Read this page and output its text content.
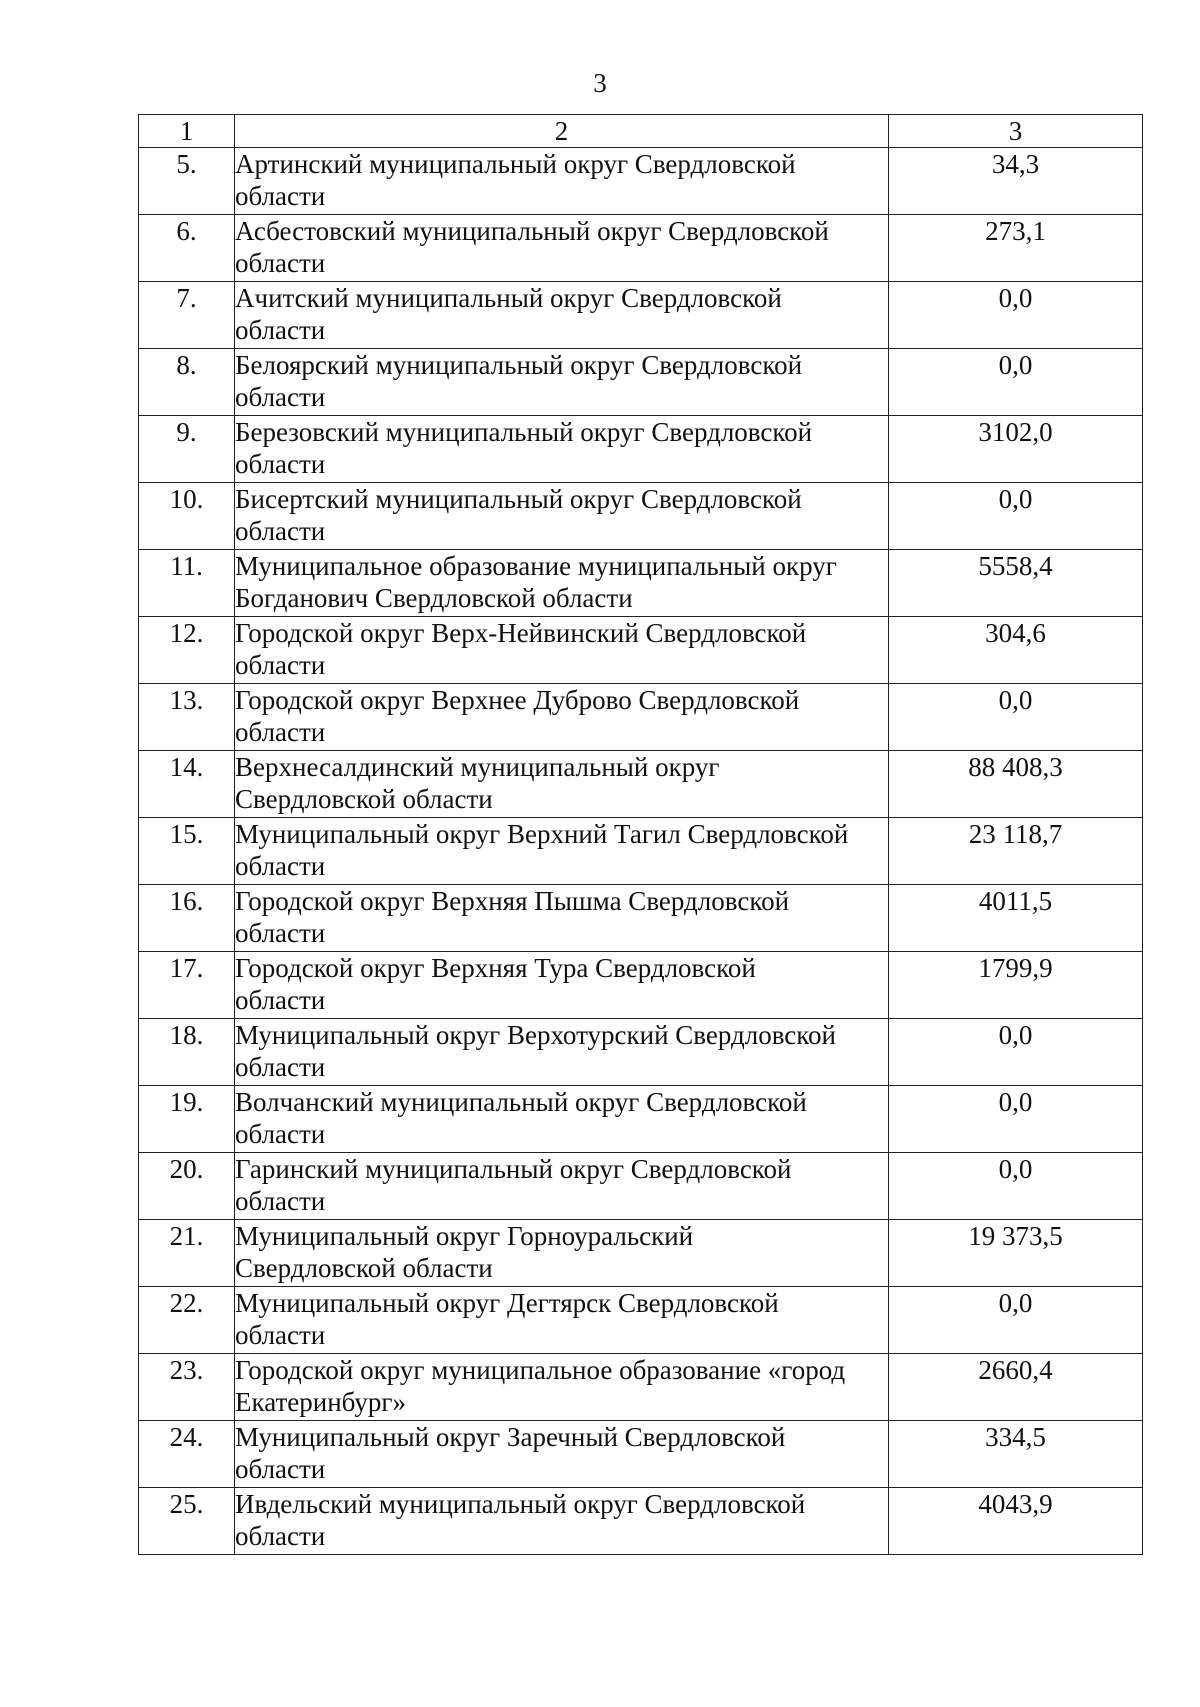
3
1	2	3
5.	Артинский муниципальный округ Свердловской
области	34,3
6.	Асбестовский муниципальный округ Свердловской
области	273,1
7.	Ачитский муниципальный округ Свердловской
области	0,0
8.	Белоярский муниципальный округ Свердловской
области	0,0
9.	Березовский муниципальный округ Свердловской
области	3102,0
10.	Бисертский муниципальный округ Свердловской
области	0,0
11.	Муниципальное образование муниципальный округ
Богданович Свердловской области	5558,4
12.	Городской округ Верх-Нейвинский Свердловской
области	304,6
13.	Городской округ Верхнее Дуброво Свердловской
области	0,0
14.	Верхнесалдинский муниципальный округ
Свердловской области	88 408,3
15.	Муниципальный округ Верхний Тагил Свердловской
области	23 118,7
16.	Городской округ Верхняя Пышма Свердловской
области	4011,5
17.	Городской округ Верхняя Тура Свердловской
области	1799,9
18.	Муниципальный округ Верхотурский Свердловской
области	0,0
19.	Волчанский муниципальный округ Свердловской
области	0,0
20.	Гаринский муниципальный округ Свердловской
области	0,0
21.	Муниципальный округ Горноуральский
Свердловской области	19 373,5
22.	Муниципальный округ Дегтярск Свердловской
области	0,0
23.	Городской округ муниципальное образование «город
Екатеринбург»	2660,4
24.	Муниципальный округ Заречный Свердловской
области	334,5
25.	Ивдельский муниципальный округ Свердловской
области	4043,9
